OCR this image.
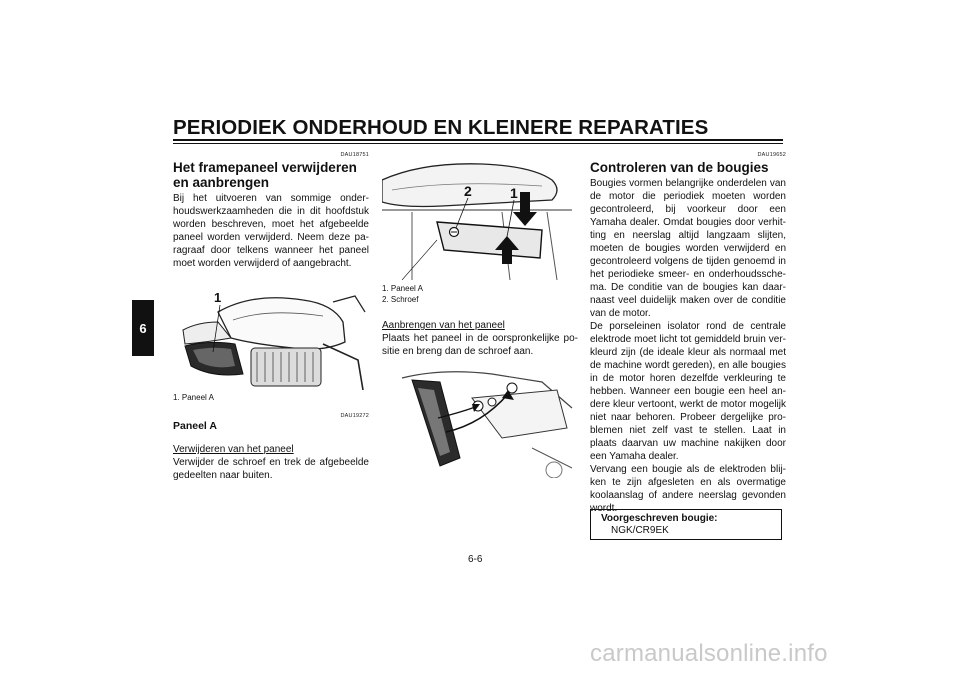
PERIODIEK ONDERHOUD EN KLEINERE REPARATIES
6
DAU18751
Het framepaneel verwijderen en aanbrengen

Bij het uitvoeren van sommige onder-houdswerkzaamheden die in dit hoofdstuk worden beschreven, moet het afgebeelde paneel worden verwijderd. Neem deze pa-ragraaf door telkens wanneer het paneel moet worden verwijderd of aangebracht.

1

1. Paneel A

DAU19272
Paneel A

Verwijderen van het paneel

Verwijder de schroef en trek de afgebeelde gedeelten naar buiten.

2	1

1. Paneel A

2. Schroef

Aanbrengen van het paneel

Plaats het paneel in de oorspronkelijke po-sitie en breng dan de schroef aan.

DAU19652
Controleren van de bougies

Bougies vormen belangrijke onderdelen van de motor die periodiek moeten worden gecontroleerd, bij voorkeur door een Yamaha dealer. Omdat bougies door verhit-ting en neerslag altijd langzaam slijten, moeten de bougies worden verwijderd en gecontroleerd volgens de tijden genoemd in het periodieke smeer- en onderhoudssche-ma. De conditie van de bougies kan daar-naast veel duidelijk maken over de conditie van de motor.
De porseleinen isolator rond de centrale elektrode moet licht tot gemiddeld bruin ver-kleurd zijn (de ideale kleur als normaal met de machine wordt gereden), en alle bougies in de motor horen dezelfde verkleuring te hebben. Wanneer een bougie een heel an-dere kleur vertoont, werkt de motor mogelijk niet naar behoren. Probeer dergelijke pro-blemen niet zelf vast te stellen. Laat in plaats daarvan uw machine nakijken door een Yamaha dealer.
Vervang een bougie als de elektroden blij-ken te zijn afgesleten en als overmatige koolaanslag of andere neerslag gevonden wordt.

Voorgeschreven bougie:
NGK/CR9EK
6-6
carmanualsonline.info
